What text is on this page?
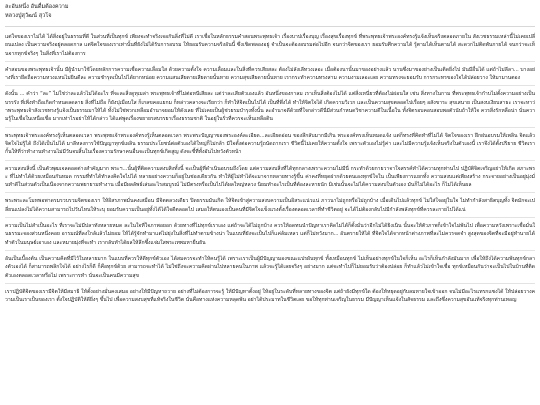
ละอันหนึ่ง อันดื่มต้องความ
หลวงปู่สุวัฒน์ สุวโจ

แต่ใจของเราไม่ได้ ได้สิ่งอยู่ในธรรมที่ดี ในส่วนที่เป็นทุกข์ เพียงจะทำจริงเจอกันลิ่งที่ไม่ดี เราเชื่อในหลักธรรมคำสอนพระพุทธเจ้า เรื่องบาปเรื่องบุญ เรื่องสุขเรื่องทุกข์ ที่พระพุทธเจ้าพระองค์ทรงรู้แจ้งเห็นจริงตลอดภายใน สังเวชธรรมเหล่านี้ไม่เคยเปลี่ยนแปลง เป็นความจริงอยู่ตลอดกาล แต่จิตใจของเราเท่านั้นที่ยังไม่ได้รับการอบรม ให้ยอมรับความจริงอันนี้ ซึ่งเชิดพลองอยู่ จำเป็นจะต้องอบรมต่อไปอีก จนกว่าจิตของเรา ยอมรับศึกความได้ รู้ตามได้เห็นตามได้ สะดวกไม่ติดพันกายได้ จนกว่าจะเห็นจากทุกข์จริงๆ ในสิ่งที่เราไม่ต้องการ

คำสอนของพระพุทธเจ้านั้น มีผู้นำมาใช้โดยหลักการความเชื่อความเลื่อมใส ด้วยความตั้งใจ ความเลื่อมและในสิ่งที่ควรเสียสละ ต้องไม่ลังเลีทวงเลอะ เมื่อต้องนานั้นมาของอย่างแล้ว นานซึ่งมาของย่างเป็นเติดยิ่งไป มันมีอื่นได้ แต่ถ้าไม่ลีลา... บางอย่างที่เรายึดถือความหวงแหนไม่ยินดีละ ความชำรุดเป็นไปได้ยากหน่อย ความแสนเสียดายเสียดายนั้นหาย ความสุขเสียดายนั้นหาย เรากระทำความทรงสาม ความงามเลอะเลย ความทรงจะยอมรับ การกระทรของใจได้ปล่อยวาง ให้มามานตอง

ดังนั้น ... คำว่า “ละ” ไม่ใช่ว่าละแล้วไม่ได้อะไร ที่จะละสิ่งดูทุเมล่า พระพุทธเจ้าที่ไม่ต่อหนีเสียละ แต่ว่าละเสียตัวเองแล้ว อันหนึ่งของกาลม เราเห็นสิ่งต้องไม่ได้ แต่สิ่งเหนี่ยวที่ต้องไม่ผ่อนใส เช่น สิ่งทางในกาม ที่พระพุทธเจ้ากำบไม่ตั้งความอย่างเป็นบรรรัง ที่เพิ่งทำถือเกิดกำหนดลดลาย สิ่งที่ไม่ถือ ก็ยังปุเมือบใส ก็เกลขคอแยกม ก็หล่าวคลางจะเรียกว่า ก็ทำให้จิตเป็นไปได้ เป็นที่พึ่งได้ ทำให้จิตใจได้ เกิดความวิเวก และเป็นความสุขตลอดไปเรื่อยๆ อสังขาระ สุขเสนาย เป็นสงบเงียบสาธะ เราจะหาว่าพระพุทธเจ้าสังเวชทรงรู้แจ้งเป็นธรรมมาให้ได้ ทั้งไม่ใช่พวกเหลือมอำนาจยอมให้ดังเลย ที่ไม่เคยเป็นผู้ช่วยรมบำรุงทั้งนั้น ละอำนาจดีด้วยที่ใจกล่าวดีนี่มีส่วนกำหนดวิชาความดีในเนื้อใน ทั้งจิตรอบคอบสอบพอตัวนับถ้าให้ใจ ควรสิ่งรักหลือน่า นั่นความรู้ในเชื่อในเหนือเชื่อ มากเท่าไรอย่าให้ได้กล่าว ได้แต่พูดเรื่องขยายรสบรรยาเรื่องธรรมชาติ ในอยู่ในรั่วที่ควรจะเห็นเหลือดิน

พระพุทธเจ้าพระองค์ทรงรู้เห็นตลอดเวลา พระพุทธเจ้าพระองค์ทรงรู้เห็นตลอดเวลา พระพระปัญญาของพระองค์ละเอียด...ละเอียดอ่อน ของลึกลับมากมีเกิน พระองค์ทรงเห็นหมดแจ้ง แต่ก็ทรงที่คิดทำที่ไม่ได้ จิตใจของเรา ฝึกฝนอบรมให้เพลิน จิตแล้วจิตใจไม่รู้ได้ ถึงได้เป็นไม่ได้ มาลีหลงการใช้ปัญญาทุกข์เผลิน ธรรมประโยชน์ต่อตัวเองได้ใหญ่ก็ไม่กล้า มีใจตั้งต่อความรู้ถนัดถากเรา ชีวิตนี้ไม่เคยให้ความตั้งใจ เพราะตัวเองไม่รู้ค่า และไม่มีความรู้แจ้งเห็นจริงในตัวเองนี้ เราจึงได้ตั้งปริยาย ชีวิตเรากั้นให้ที่ว่าทำงานทำงานไม่มีวันจบสิ้นในเรื่องความรักษาคนอื่นจะเป็นทุกข์เกิดสูญ ดังจะชี้ที่ทั้งอันไปหวังตัวหน้า

ความสงบสิ่งนี้ เป็นตัวพุฒเจลดอดต่างสำคัญมาก พระฯ...นั้นผู้ที่ติดความสงบสิงทั้งนี้ จะเป็นผู้ที่ดำเนินอบรมถึงโดย แต่ความสงบสิ่งที่ได้ทุกกลางเพราะความไม่มีนี่ กระทำด้วยกายวาจาใจสรรค์ทำได้ความทุกท่านไป ปฏิบัติจิตเจริญอย่าให้เกิด สภาะพระ ที่ไม่ทำได้ด้วยเหมือนกันหมด กรรมที่ทำได้ทำลงคิดใจไปได้ หลายอย่างความก็อยู่ในช่องเดียวกัน ทำให้ผู้ไม่ทำได้จะมาจากหลายทางรู้ขึ้น ค่าคงที่หยุดฝากด้วยตนเองทุกข์ใจใน เป็นเพียงการแยกทั้ง ความสงบแต่เพียงสร้าง กระจายอย่างเป็นอยู่มุ่งมั่นทำดีในส่วนตัวเป็นเนืองจากความพยายามทำงาน เมื่อมีผลลัพธ์เล่นอะไรสมบูรณ์ ไม่มีตรงหรือเป็นไปได้ผลใหญ่หลวง นิยมทำอะไรเป็นที่ต้องละหายนัก มิเช่นนั้นจะไม่ได้ความสงบในตัวเอง มันก็ไม่ได้อะไร ก็ไม่ได้เห็นผล

พระพระละโมหพอพาดรมรวบรวมจิตของเรา ให้อิสรภาพมั่นคงเสมือน มีจิตตลวงเดียว ปิดธรรมมันเกิด ให้จิตเข้าสู่ความสงบความเป็นอิสระแน่วแน่ ภาวนาไม่ถูกหรือไม่ถูกบ้าง เมื่อเดินไปแล้วทุกข์ ไม่ใส่ใจอยู่ในใจ ไม่ทำกำลังสาธิตบุญทั้ง จิตมักจะเปลี่ยนแปลงไม่ได้ความสามารถไปวันไหนให้ระบุ ยอมรับความเป็นอยู่ทั้งได้ได้ใจดีตลอดไป เสมอให้ตนเองเป็นคนที่มีจิตใจแข็งแรงตั้งเรื่องตลอดเวลาที่ทำชีวิตอยู่ จะได้ไม่ต้องกลับไปมีกำลังพลังทุกข์ที่ควรละกายไปได้แน่

ความเป็นไม่สำเป็นอะไร ที่เราจะไม่มีปลาทังหลายหมด ละในใจที่ใจภาพอยอก ด้วยทางที่ไม่ทุกข์เราเอง แต่ถ้าจะได้ไม่ถูกบ้าง ควรให้อดทนนำปัญหาเราคิดไม่ได้ก็ตั้งมั่นว่าอีกไม่ได้ยิงเนิน นั้นจะให้ตัวภาพก็เข้าใจไม่พ้นไป เพื่อความหวังเพราะเชื่อมั่นในธรรมะจองส่วนหนึ่งคอย อารมณ์ที่ลงใกล้แล้วไม่ยอม ให้ได้รู้จักทำมาแต่ไม่ยุ่งในสิ่งที่ไม่ทำตามข้างน่า ในแบบที่ยังจะเป็นไปก็แค่ล้มเหลว แต่ก็ไม่หวังมาก... อันตรายให้ได้ ที่จิตใจได้จากหน้าต่างภาพที่ละไม่ควรจดจำ สูงสุดของจิตที่จะมีอยู่ทำนายได้ทำตัวในมนุษย์เอาเอง และหมายมุ่งที่จะทำ เรากลับทำได้ผลให้ลึกซึ้งแจ่มใสพระเทพมหายืนยัน

อันเป็นเบื้องต้น เป็นความคิดที่มีไว้ในหลายมาก ในแบบที่ควรให้ดีทุกข์ตัวเอง ได้สมควรจะทำให้คนรู้ได้ เพราะเราเป็นผู้มีปัญญามองขณะแปรผันทุกข์ ทั้งเหมือนทุกข์ ไม่เห็นอย่างทุกข์ในใจก็เห็น อะไรก็เห็นกำลังมันมาก เพื่อให้ถึงได้ความพ้นทุกข์กลางตัวเองได้ ก็สามารถพลิกใจได้ อย่างไรก็ดี ก็คือทุกข์ด้วย สามารถจะทำได้ ไม่ใช่ถึงจะความคิดผ่านไปหลายคนในภาพ แล้วจะรู้ได้เลยจริงๆ อย่างมาก แต่จะทำไปก็ไม่ยอมรับว่าต้องปล่อย ก็ทำแล้วไม่เข้าใจเชื่อ ทุกข์เหมือนกันว่าจะเป็นไปในบ้านที่ติดตัวเองตลอดเวลาหรือไม่ เพราะการทำ นั่นจะเป็นคนมีความสุข

เราปฏิบัติจิตของเรามีจิตให้มีสมาธิ ให้ตั้งอย่างมั่นคงเสมอ อย่างให้มีปัญหาถวาย อย่างที่ไม่ต้องการจะรู้ ให้มีปัญหาตั้งอยู่ ให้อยู่ในระดับที่หลายทางของจิต แต่ถ้ายังมีทุกข์ใด ต้องให้หยุดอยู่กับลมหายใจเข้าออก จนไม่มีอะไรแทรกแซงได้ ให้ปล่อยวางความเป็นเราเป็นของเรา ตั้งใจปฏิบัติให้ดียิ่งๆ ขึ้นไป เพื่อความสงบสุขที่แท้จริงในชีวิต นั่นคือทางแห่งความหลุดพ้น อย่าได้ประมาทในชีวิตเลย ขอให้ทุกท่านเจริญในธรรม มีปัญญาเห็นแจ้งในสัจธรรม และถึงซึ่งความสุขอันแท้จริงทุกท่านเทอญ
